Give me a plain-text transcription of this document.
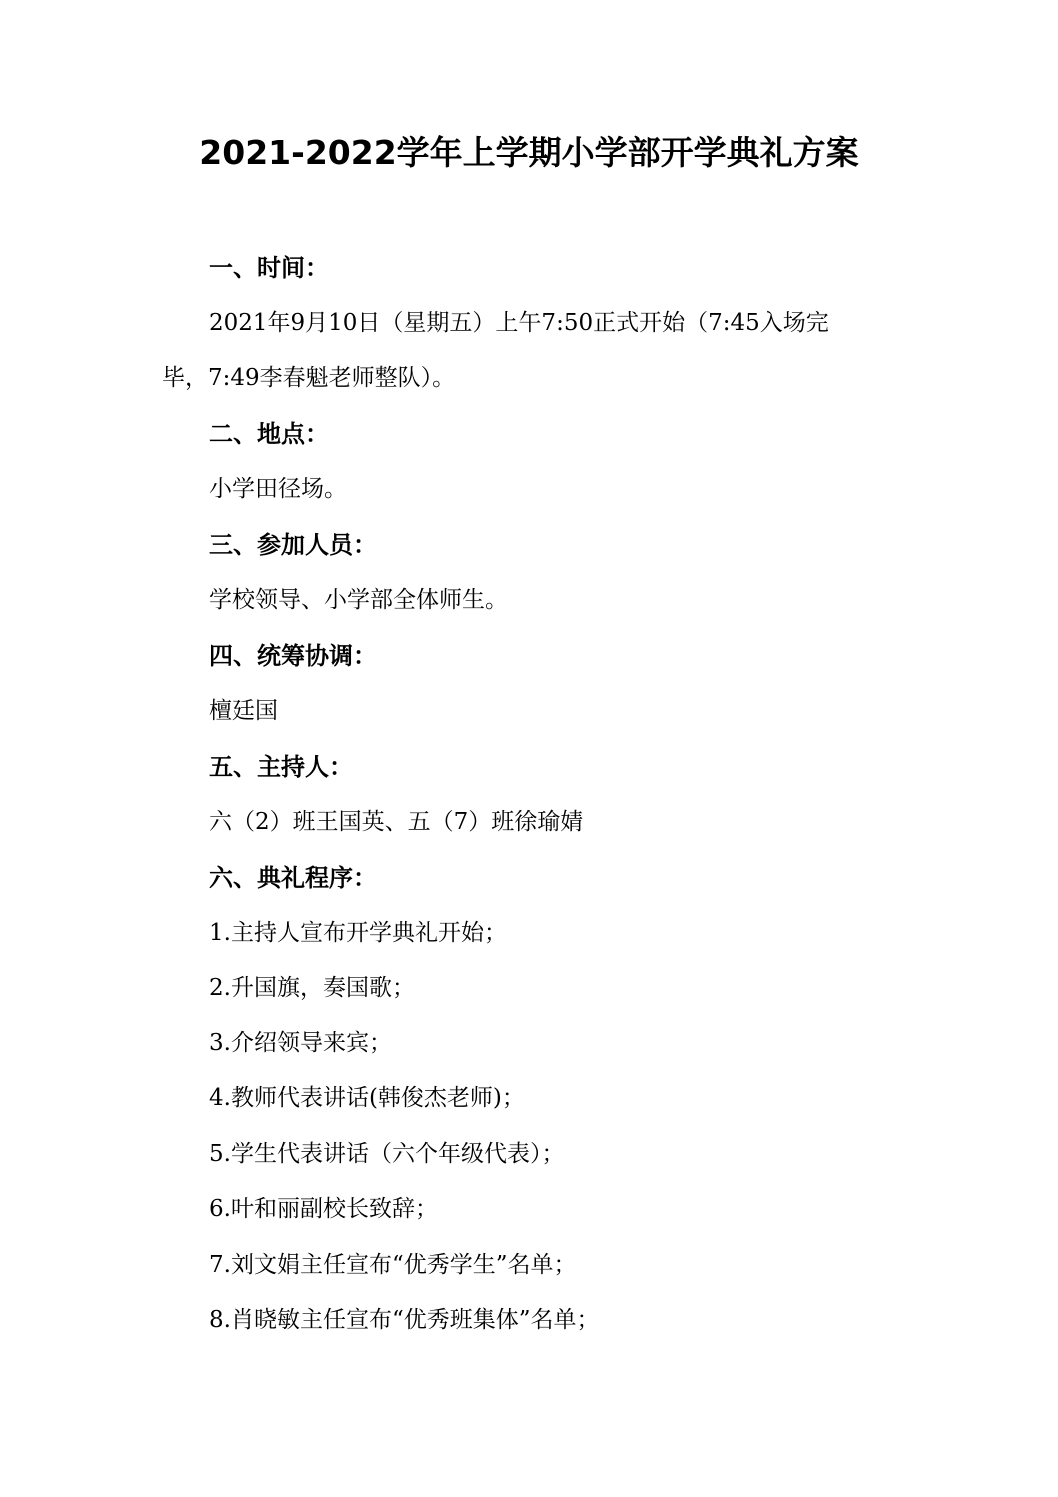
2021-2022学年上学期小学部开学典礼方案
一、时间：
2021年9月10日（星期五）上午7:50正式开始（7:45入场完
毕，7:49李春魁老师整队）。
二、地点：
小学田径场。
三、参加人员：
学校领导、小学部全体师生。
四、统筹协调：
檀廷国
五、主持人：
六（2）班王国英、五（7）班徐瑜婧
六、典礼程序：
1.主持人宣布开学典礼开始；
2.升国旗，奏国歌；
3.介绍领导来宾；
4.教师代表讲话(韩俊杰老师)；
5.学生代表讲话（六个年级代表）；
6.叶和丽副校长致辞；
7.刘文娟主任宣布“优秀学生”名单；
8.肖晓敏主任宣布“优秀班集体”名单；
